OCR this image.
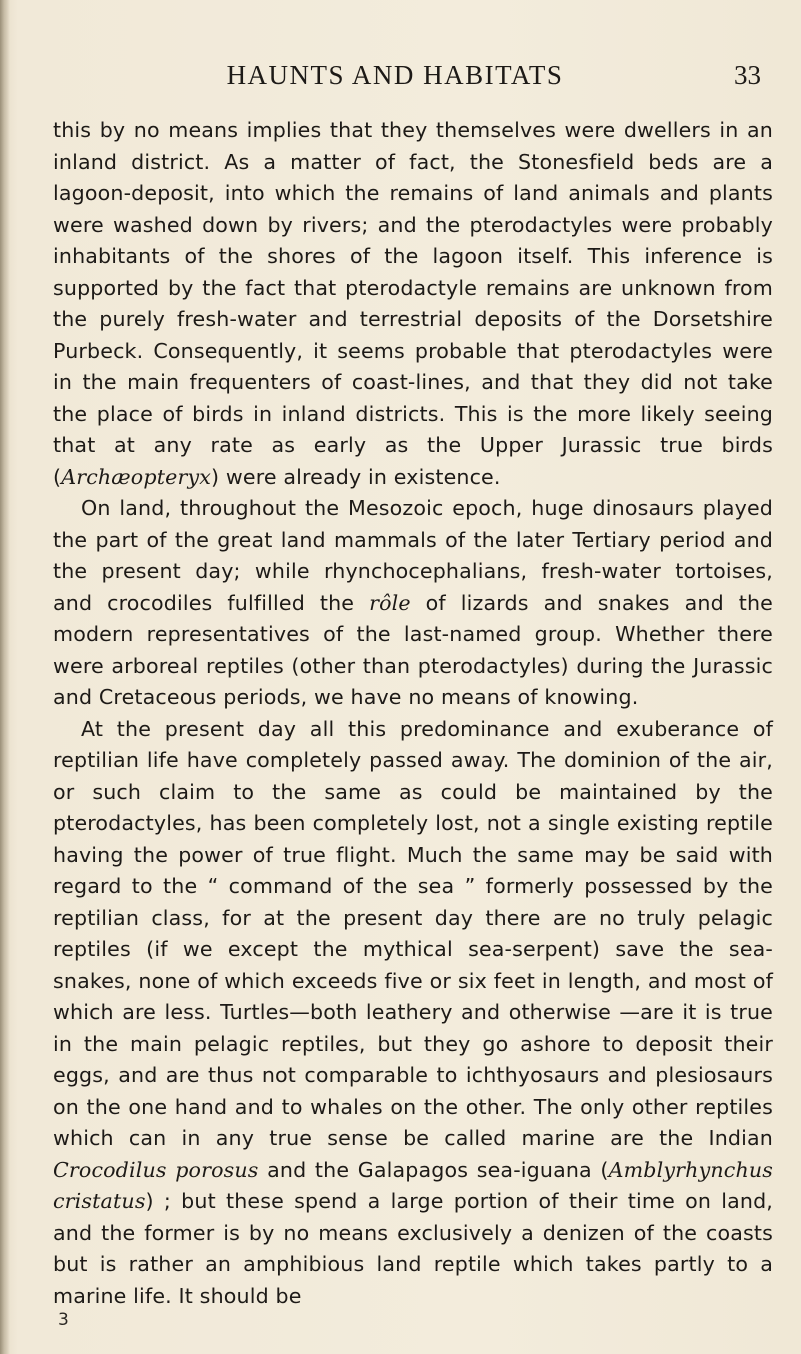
HAUNTS AND HABITATS	33

this by no means implies that they themselves were dwellers in an inland district. As a matter of fact, the Stonesfield beds are a lagoon-deposit, into which the remains of land animals and plants were washed down by rivers; and the pterodactyles were probably inhabitants of the shores of the lagoon itself. This inference is supported by the fact that pterodactyle remains are unknown from the purely fresh-water and terrestrial deposits of the Dorsetshire Purbeck. Consequently, it seems probable that pterodactyles were in the main frequenters of coast-lines, and that they did not take the place of birds in inland districts. This is the more likely seeing that at any rate as early as the Upper Jurassic true birds (Archæopteryx) were already in existence.

On land, throughout the Mesozoic epoch, huge dinosaurs played the part of the great land mammals of the later Tertiary period and the present day; while rhynchocephalians, fresh-water tortoises, and crocodiles fulfilled the rôle of lizards and snakes and the modern representatives of the last-named group. Whether there were arboreal reptiles (other than pterodactyles) during the Jurassic and Cretaceous periods, we have no means of knowing.

At the present day all this predominance and exuberance of reptilian life have completely passed away. The dominion of the air, or such claim to the same as could be maintained by the pterodactyles, has been completely lost, not a single existing reptile having the power of true flight. Much the same may be said with regard to the “ command of the sea ” formerly possessed by the reptilian class, for at the present day there are no truly pelagic reptiles (if we except the mythical sea-serpent) save the sea-snakes, none of which exceeds five or six feet in length, and most of which are less. Turtles—both leathery and otherwise —are it is true in the main pelagic reptiles, but they go ashore to deposit their eggs, and are thus not comparable to ichthyosaurs and plesiosaurs on the one hand and to whales on the other. The only other reptiles which can in any true sense be called marine are the Indian Crocodilus porosus and the Galapagos sea-iguana (Amblyrhynchus cristatus) ; but these spend a large portion of their time on land, and the former is by no means exclusively a denizen of the coasts but is rather an amphibious land reptile which takes partly to a marine life. It should be

3
